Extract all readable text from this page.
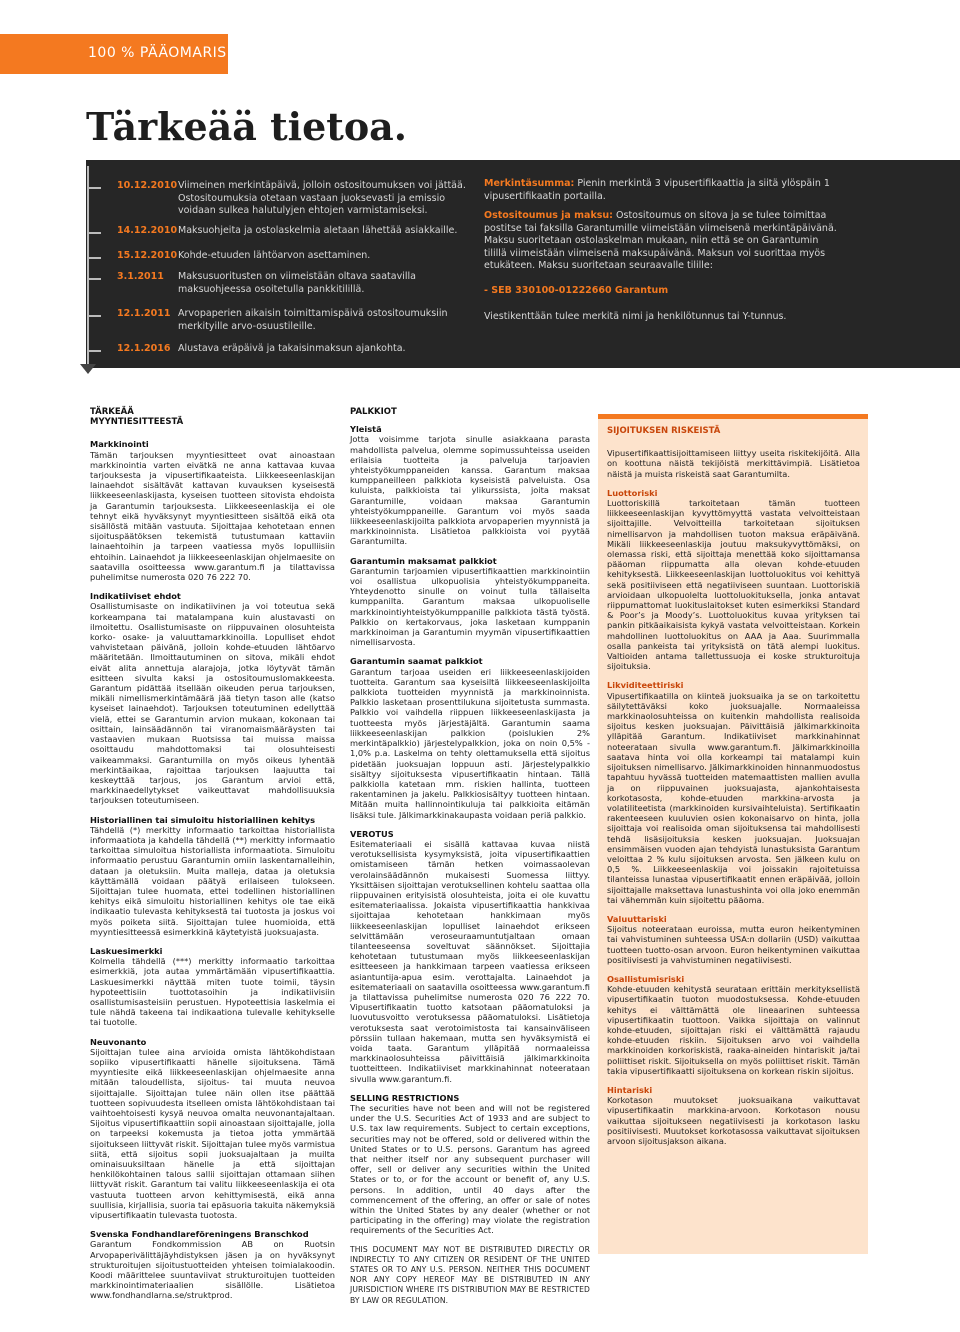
100 % PÄÄOMARISKI
Tärkeää tietoa.
10.12.2010 Viimeinen merkintäpäivä, jolloin ostositoumuksen voi jättää. Ostositoumuksia otetaan vastaan juoksevasti ja emissio voidaan sulkea halutulyjen ehtojen varmistamiseksi.
14.12.2010 Maksuohjeita ja ostolaskelmia aletaan lähettää asiakkaille.
15.12.2010 Kohde-etuuden lähtöarvon asettaminen.
3.1.2011 Maksusuoritusten on viimeistään oltava saatavilla maksuohjeessa osoitetulla pankkitilillä.
12.1.2011 Arvopaperien aikaisin toimittamispäivä ostositoumuksiin merkityille arvo-osuustileille.
12.1.2016 Alustava eräpäivä ja takaisinmaksun ajankohta.

Merkintäsumma: Pienin merkintä 3 vipusertifikaattia ja siitä ylöspäin 1 vipusertifikaatin portailla.

Ostositoumus ja maksu: Ostositoumus on sitova ja se tulee toimittaa postitse tai faksilla Garantumille viimeistään viimeisenä merkintäpäivänä. Maksu suoritetaan ostolaskelman mukaan, niin että se on Garantumin tilillä viimeistään viimeisenä maksupäivänä. Maksun voi suorittaa myös etukäteen. Maksu suoritetaan seuraavalle tilille:

- SEB 330100-01222660 Garantum

Viestikenttään tulee merkitä nimi ja henkilötunnus tai Y-tunnus.

TÄRKEÄÄ
MYYNTIESITTEESTÄ

Markkinointi

Tämän tarjouksen myyntiesitteet ovat ainoastaan markkinointia varten eivätkä ne anna kattavaa kuvaa tarjouksesta ja vipusertifikaateista. Liikkeeseenlaskijan lainaehdot sisältävät kattavan kuvauksen kyseisestä liikkeeseenlaskijasta, kyseisen tuotteen sitovista ehdoista ja Garantumin tarjouksesta. Liikkeeseenlaskija ei ole tehnyt eikä hyväksynyt myyntiesitteen sisältöä eikä ota sisällöstä mitään vastuuta. Sijoittajaa kehotetaan ennen sijoituspäätöksen tekemistä tutustumaan kattaviin lainaehtoihin ja tarpeen vaatiessa myös lopulliisiin ehtoihin. Lainaehdot ja liikkeeseenlaskijan ohjelmaesite on saatavilla osoitteessa www.garantum.fi ja tilattavissa puhelimitse numerosta 020 76 222 70.

Indikatiiviset ehdot

Osallistumisaste on indikatiivinen ja voi toteutua sekä korkeampana tai matalampana kuin alustavasti on ilmoitettu. Osallistumisaste on riippuvainen olosuhteista korko- osake- ja valuuttamarkkinoilla. Lopulliset ehdot vahvistetaan päivänä, jolloin kohde-etuuden lähtöarvo määritetään. Ilmoittautuminen on sitova, mikäli ehdot eivät alita annettuja alarajoja, jotka löytyvät tämän esitteen sivulta kaksi ja ostositoumuslomakkeesta. Garantum pidättää itsellään oikeuden perua tarjouksen, mikäli nimellismerkintämäärä jää tietyn tason alle (katso kyseiset lainaehdot). Tarjouksen toteutuminen edellyttää vielä, ettei se Garantumin arvion mukaan, kokonaan tai osittain, lainsäädännön tai viranomaismääräysten tai vastaavien mukaan Ruotsissa tai muissa maissa osoittaudu mahdottomaksi tai olosuhteisesti vaikeammaksi. Garantumilla on myös oikeus lyhentää merkintäaikaa, rajoittaa tarjouksen laajuutta tai keskeyttää tarjous, jos Garantum arvioi että, markkinaedellytykset vaikeuttavat mahdollisuuksia tarjouksen toteutumiseen.

Historiallinen tai simuloitu historiallinen kehitys

Tähdellä (*) merkitty informaatio tarkoittaa historiallista informaatiota ja kahdella tähdellä (**) merkitty informaatio tarkoittaa simuloitua historiallista informaatiota. Simuloitu informaatio perustuu Garantumin omiin laskentamalleihin, dataan ja oletuksiin. Muita malleja, dataa ja oletuksia käyttämällä voidaan päätyä erilaiseen tulokseen. Sijoittajan tulee huomata, ettei todellinen historiallinen kehitys eikä simuloitu historiallinen kehitys ole tae eikä indikaatio tulevasta kehityksestä tai tuotosta ja joskus voi myös poiketa siitä. Sijoittajan tulee huomioida, että myyntiesitteessä esimerkkinä käytetyistä juoksuajasta.

Laskuesimerkki

Kolmella tähdellä (***) merkitty informaatio tarkoittaa esimerkkiä, jota autaa ymmärtämään vipusertifikaattia. Laskuesimerkki näyttää miten tuote toimii, täysin hypoteettisiin tuottotasoihin ja indikatiivisiin osallistumisasteisiin perustuen. Hypoteettisia laskelmia ei tule nähdä takeena tai indikaationa tulevalle kehitykselle tai tuotolle.

Neuvonanto

Sijoittajan tulee aina arvioida omista lähtökohdistaan sopiiko vipusertifikaatti hänelle sijoituksena. Tämä myyntiesite eikä liikkeeseenlaskijan ohjelmaesite anna mitään taloudellista, sijoitus- tai muuta neuvoa sijoittajalle. Sijoittajan tulee näin ollen itse päättää tuotteen sopivuudesta itselleen omista lähtökohdistaan tai vaihtoehtoisesti kysyä neuvoa omalta neuvonantajaltaan. Sijoitus vipusertifikaattiin sopii ainoastaan sijoittajalle, jolla on tarpeeksi kokemusta ja tietoa jotta ymmärtää sijoitukseen liittyvät riskit. Sijoittajan tulee myös varmistua siitä, että sijoitus sopii juoksuajaltaan ja muilta ominaisuuksiltaan hänelle ja että sijoittajan henkilökohtainen talous sallii sijoittajan ottamaan siihen liittyvät riskit. Garantum tai valitu liikkeeseenlaskija ei ota vastuuta tuotteen arvon kehittymisestä, eikä anna suullisia, kirjallisia, suoria tai epäsuoria takuita näkemyksiä vipusertifikaatin tulevasta tuotosta.

Svenska Fondhandlareföreningens Branschkod

Garantum Fondkommission AB on Ruotsin Arvopaperivälittäjäyhdistyksen jäsen ja on hyväksynyt strukturoitujen sijoitustuotteiden yhteisen toimialakoodin. Koodi määrittelee suuntaviivat strukturoitujen tuotteiden markkinointimateriaalien sisällölle. Lisätietoa www.fondhandlarna.se/struktprod.

PALKKIOT

Yleistä

Jotta voisimme tarjota sinulle asiakkaana parasta mahdollista palvelua, olemme sopimussuhteissa useiden erilaisia tuotteita ja palveluja tarjoavien yhteistyökumppaneiden kanssa. Garantum maksaa kumppaneilleen palkkiota kyseisistä palveluista. Osa kuluista, palkkioista tai ylikurssista, joita maksat Garantumille, voidaan maksaa Garantumin yhteistyökumppaneille. Garantum voi myös saada liikkeeseenlaskijoilta palkkiota arvopaperien myynnistä ja markkinoinnista. Lisätietoa palkkioista voi pyytää Garantumilta.

Garantumin maksamat palkkiot

Garantumin tarjoamien vipusertifikaattien markkinointiin voi osallistua ulkopuolisia yhteistyökumppaneita. Yhteydenotto sinulle on voinut tulla tällaiselta kumppanilta. Garantum maksaa ulkopuoliselle markkinointiyhteistyökumppanille palkkiota tästä työstä. Palkkio on kertakorvaus, joka lasketaan kumppanin markkinoiman ja Garantumin myymän vipusertifikaattien nimellisarvosta.

Garantumin saamat palkkiot

Garantum tarjoaa useiden eri liikkeeseenlaskijoiden tuotteita. Garantum saa kyseisiltä liikkeeseenlaskijoilta palkkiota tuotteiden myynnistä ja markkinoinnista. Palkkio lasketaan prosenttilukuna sijoitetusta summasta. Palkkio voi vaihdella riippuen liikkeeseenlaskijasta ja tuotteesta myös järjestäjältä. Garantumin saama liikkeeseenlaskijan palkkion (poislukien 2% merkintäpalkkio) järjestelypalkkion, joka on noin 0,5% - 1,0% p.a. Laskelma on tehty olettamuksella että sijoitus pidetään juoksuajan loppuun asti. Järjestelypalkkio sisältyy sijoituksesta vipusertifikaatin hintaan. Tällä palkkiolla katetaan mm. riskien hallinta, tuotteen rakentaminen ja jakelu. Palkkiosisältyy tuotteen hintaan. Mitään muita hallinnointikuluja tai palkkioita eitämän lisäksi tule. Jälkimarkkinakaupasta voidaan periä palkkio.

VEROTUS

Esitemateriaali ei sisällä kattavaa kuvaa niistä verotuksellisista kysymyksistä, joita vipusertifikaattien omistamiseen tämän hetken voimassaolevan verolainsäädännön mukaisesti Suomessa liittyy. Yksittäisen sijoittajan verotuksellinen kohtelu saattaa olla riippuvainen erityisistä olosuhteista, joita ei ole kuvattu esitemateriaalissa. Jokaista vipusertifikaattia hankkivaa sijoittajaa kehotetaan hankkimaan myös liikkeeseenlaskijan lopulliset lainaehdot erikseen selvittämään veroseuraamuntutjaltaan omaan tilanteeseensa soveltuvat säännökset. Sijoittajia kehotetaan tutustumaan myös liikkeeseenlaskijan esitteeseen ja hankkimaan tarpeen vaatiessa erikseen asiantuntija-apua esim. verottajalta. Lainaehdot ja esitemateriaali on saatavilla osoitteessa www.garantum.fi ja tilattavissa puhelimitse numerosta 020 76 222 70. Vipusertifikaatin tuotto katsotaan pääomatuloksi ja luovutusvoitto verotuksessa pääomatuloksi. Lisätietoja verotuksesta saat verotoimistosta tai kansainväliseen pörssiin tullaan hakemaan, mutta sen hyväksymistä ei voida taata. Garantum ylläpitää normaaleissa markkinaolosuhteissa päivittäisiä jälkimarkkinoita tuotteitteen. Indikatiiviset markkinahinnat noteerataan sivulla www.garantum.fi.

SELLING RESTRICTIONS

The securities have not been and will not be registered under the U.S. Securities Act of 1933 and are subject to U.S. tax law requirements. Subject to certain exceptions, securities may not be offered, sold or delivered within the United States or to U.S. persons. Garantum has agreed that neither itself nor any subsequent purchaser will offer, sell or deliver any securities within the United States or to, or for the account or benefit of, any U.S. persons. In addition, until 40 days after the commencement of the offering, an offer or sale of notes within the United States by any dealer (whether or not participating in the offering) may violate the registration requirements of the Securities Act.

THIS DOCUMENT MAY NOT BE DISTRIBUTED DIRECTLY OR INDIRECTLY TO ANY CITIZEN OR RESIDENT OF THE UNITED STATES OR TO ANY U.S. PERSON. NEITHER THIS DOCUMENT NOR ANY COPY HEREOF MAY BE DISTRIBUTED IN ANY JURISDICTION WHERE ITS DISTRIBUTION MAY BE RESTRICTED BY LAW OR REGULATION.

SIJOITUKSEN RISKEISTÄ

Vipusertifikaattisijoittamiseen liittyy useita riskitekijöitä. Alla on koottuna näistä tekijöistä merkittävimpiä. Lisätietoa näistä ja muista riskeistä saat Garantumilta.

Luottoriski

Luottoriskillä tarkoitetaan tämän tuotteen liikkeeseenlaskijan kyvyttömyyttä vastata velvoitteistaan sijoittajille. Velvoitteilla tarkoitetaan sijoituksen nimellisarvon ja mahdollisen tuoton maksua eräpäivänä. Mikäli liikkeeseenlaskija joutuu maksukyvyttömäksi, on olemassa riski, että sijoittaja menettää koko sijoittamansa pääoman riippumatta alla olevan kohde-etuuden kehityksestä. Liikkeeseenlaskijan luottoluokitus voi kehittyä sekä positiiviseen että negatiiviseen suuntaan. Luottoriskiä arvioidaan ulkopuolelta luottoluokituksella, jonka antavat riippumattomat luokituslaitokset kuten esimerkiksi Standard & Poor’s ja Moody’s. Luottoluokitus kuvaa yrityksen tai pankin pitkäaikaisista kykyä vastata velvoitteistaan. Korkein mahdollinen luottoluokitus on AAA ja Aaa. Suurimmalla osalla pankeista tai yrityksistä on tätä alempi luokitus. Valtioiden antama tallettussuoja ei koske strukturoituja sijoituksia.

Likviditeettiriski

Vipusertifikaatilla on kiinteä juoksuaika ja se on tarkoitettu säilytettäväksi koko juoksuajalle. Normaaleissa markkinaolosuhteissa on kuitenkin mahdollista realisoida sijoitus kesken juoksuajan. Päivittäisiä jälkimarkkinoita ylläpitää Garantum. Indikatiiviset markkinahinnat noteerataan sivulla www.garantum.fi. Jälkimarkkinoilla saatava hinta voi olla korkeampi tai matalampi kuin sijoituksen nimellisarvo. Jälkimarkkinoiden hinnanmuodostus tapahtuu hyvässä tuotteiden matemaattisten mallien avulla ja on riippuvainen juoksuajasta, ajankohtaisesta korkotasosta, kohde-etuuden markkina-arvosta ja volatiliteetista (markkinoiden kursivaihteluista). Sertifikaatin rakenteeseen kuuluvien osien kokonaisarvo on hinta, jolla sijoittaja voi realisoida oman sijoituksensa tai mahdollisesti tehdä lisäsijoituksia kesken juoksuajan. Juoksuajan ensimmäisen vuoden ajan tehdyistä lunastuksista Garantum veloittaa 2 % kulu sijoituksen arvosta. Sen jälkeen kulu on 0,5 %. Liikkeeseenlaskija voi joissakin rajoitetuissa tilanteissa lunastaa vipusertifikaatit ennen eräpäivää, jolloin sijoittajalle maksettava lunastushinta voi olla joko enemmän tai vähemmän kuin sijoitettu pääoma.

Valuuttariski

Sijoitus noteerataan euroissa, mutta euron heikentyminen tai vahvistuminen suhteessa USA:n dollariin (USD) vaikuttaa tuotteen tuotto-osan arvoon. Euron heikentyminen vaikuttaa positiivisesti ja vahvistuminen negatiivisesti.

Osallistumisriski

Kohde-etuuden kehitystä seurataan erittäin merkityksellistä vipusertifikaatin tuoton muodostuksessa. Kohde-etuuden kehitys ei välttämättä ole lineaarinen suhteessa vipusertifikaatin tuottoon. Vaikka sijoittaja on valinnut kohde-etuuden, sijoittajan riski ei välttämättä rajaudu kohde-etuuden riskiin. Sijoituksen arvo voi vaihdella markkinoiden korkoriskistä, raaka-aineiden hintariskit ja/tai poliittiset riskit. Sijoituksella on myös poliittiset riskit. Tämän takia vipusertifikaatti sijoituksena on korkean riskin sijoitus.

Hintariski

Korkotason muutokset juoksuaikana vaikuttavat vipusertifikaatin markkina-arvoon. Korkotason nousu vaikuttaa sijoitukseen negatiivisesti ja korkotason lasku positiivisesti. Muutokset korkotasossa vaikuttavat sijoituksen arvoon sijoitusjakson aikana.
